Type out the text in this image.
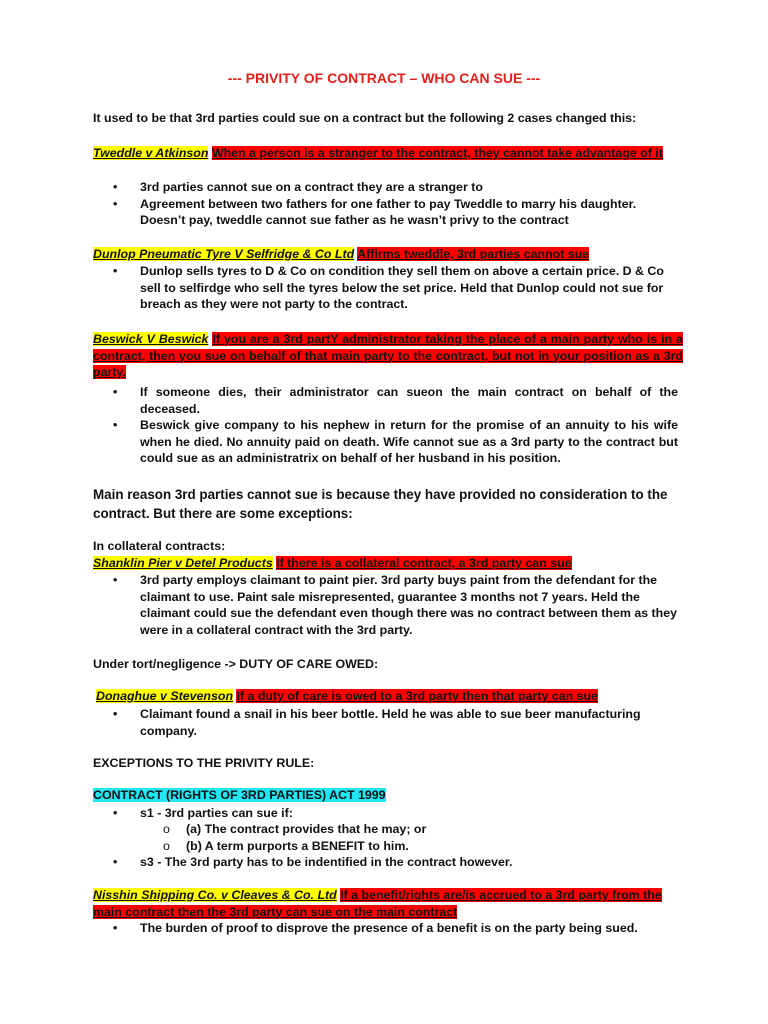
--- PRIVITY OF CONTRACT – WHO CAN SUE ---
It used to be that 3rd parties could sue on a contract but the following 2 cases changed this:
Tweddle v Atkinson When a person is a stranger to the contract, they cannot take advantage of it
• 3rd parties cannot sue on a contract they are a stranger to
• Agreement between two fathers for one father to pay Tweddle to marry his daughter. Doesn’t pay, tweddle cannot sue father as he wasn’t privy to the contract
Dunlop Pneumatic Tyre V Selfridge & Co Ltd Affirms tweddle, 3rd parties cannot sue
• Dunlop sells tyres to D & Co on condition they sell them on above a certain price. D & Co sell to selfirdge who sell the tyres below the set price. Held that Dunlop could not sue for breach as they were not party to the contract.
Beswick V Beswick If you are a 3rd partY administrator taking the place of a main party who is in a contract, then you sue on behalf of that main party to the contract, but not in your position as a 3rd party.
• If someone dies, their administrator can sueon the main contract on behalf of the deceased.
• Beswick give company to his nephew in return for the promise of an annuity to his wife when he died. No annuity paid on death. Wife cannot sue as a 3rd party to the contract but could sue as an administratrix on behalf of her husband in his position.
Main reason 3rd parties cannot sue is because they have provided no consideration to the contract. But there are some exceptions:
In collateral contracts:
Shanklin Pier v Detel Products If there is a collateral contract, a 3rd party can sue
• 3rd party employs claimant to paint pier. 3rd party buys paint from the defendant for the claimant to use. Paint sale misrepresented, guarantee 3 months not 7 years. Held the claimant could sue the defendant even though there was no contract between them as they were in a collateral contract with the 3rd party.
Under tort/negligence -> DUTY OF CARE OWED:
Donaghue v Stevenson If a duty of care is owed to a 3rd party then that party can sue
• Claimant found a snail in his beer bottle. Held he was able to sue beer manufacturing company.
EXCEPTIONS TO THE PRIVITY RULE:
CONTRACT (RIGHTS OF 3RD PARTIES) ACT 1999
• s1 - 3rd parties can sue if:
o (a) The contract provides that he may; or
o (b) A term purports a BENEFIT to him.
• s3 - The 3rd party has to be indentified in the contract however.
Nisshin Shipping Co. v Cleaves & Co. Ltd If a benefit/rights are/is accrued to a 3rd party from the main contract then the 3rd party can sue on the main contract
• The burden of proof to disprove the presence of a benefit is on the party being sued.
